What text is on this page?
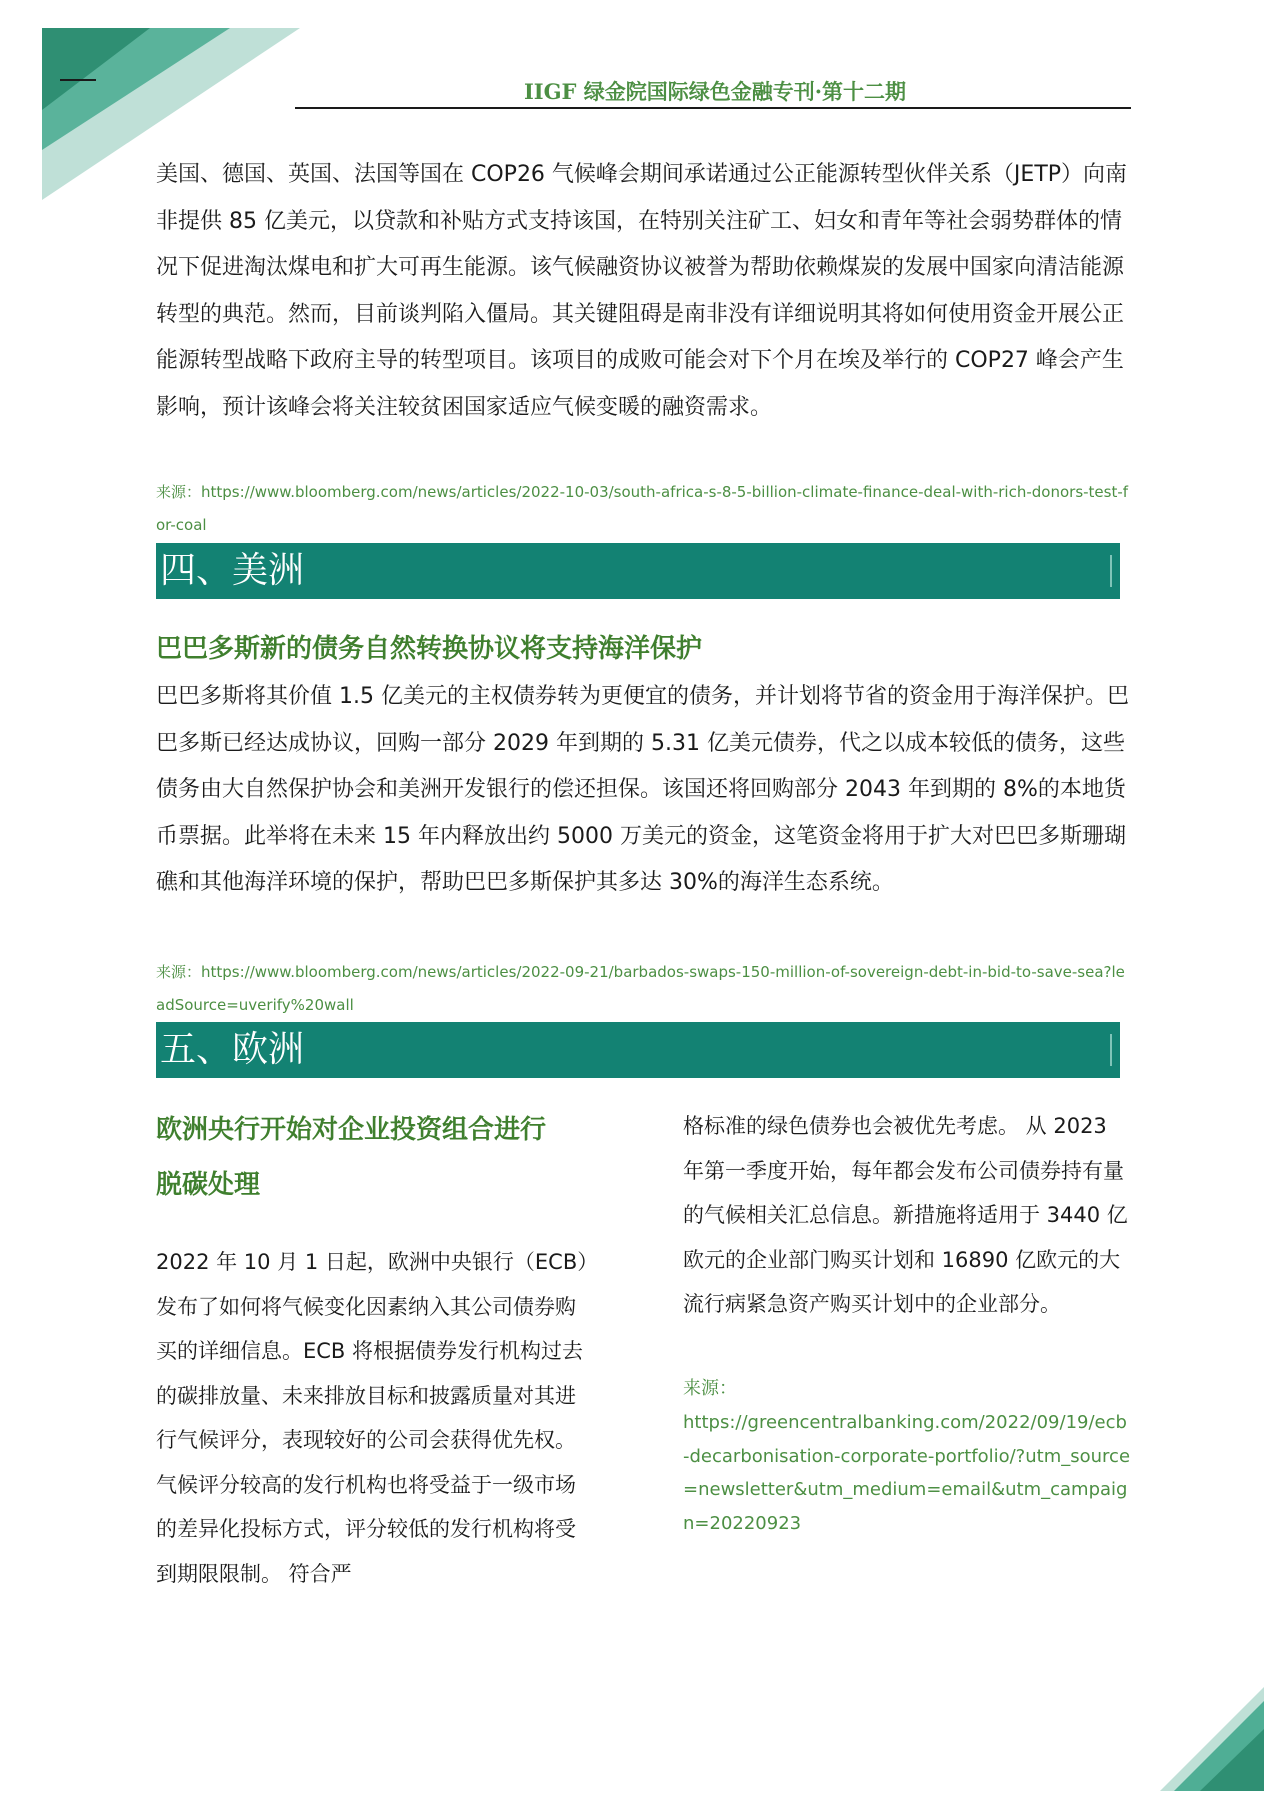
IIGF 绿金院国际绿色金融专刊·第十二期

美国、德国、英国、法国等国在 COP26 气候峰会期间承诺通过公正能源转型伙伴关系（JETP）向南非提供 85 亿美元，以贷款和补贴方式支持该国，在特别关注矿工、妇女和青年等社会弱势群体的情况下促进淘汰煤电和扩大可再生能源。该气候融资协议被誉为帮助依赖煤炭的发展中国家向清洁能源转型的典范。然而，目前谈判陷入僵局。其关键阻碍是南非没有详细说明其将如何使用资金开展公正能源转型战略下政府主导的转型项目。该项目的成败可能会对下个月在埃及举行的 COP27 峰会产生影响，预计该峰会将关注较贫困国家适应气候变暖的融资需求。

来源：https://www.bloomberg.com/news/articles/2022-10-03/south-africa-s-8-5-billion-climate-finance-deal-with-rich-donors-test-for-coal

四、美洲
巴巴多斯新的债务自然转换协议将支持海洋保护

巴巴多斯将其价值 1.5 亿美元的主权债券转为更便宜的债务，并计划将节省的资金用于海洋保护。巴巴多斯已经达成协议，回购一部分 2029 年到期的 5.31 亿美元债券，代之以成本较低的债务，这些债务由大自然保护协会和美洲开发银行的偿还担保。该国还将回购部分 2043 年到期的 8%的本地货币票据。此举将在未来 15 年内释放出约 5000 万美元的资金，这笔资金将用于扩大对巴巴多斯珊瑚礁和其他海洋环境的保护，帮助巴巴多斯保护其多达 30%的海洋生态系统。

来源：https://www.bloomberg.com/news/articles/2022-09-21/barbados-swaps-150-million-of-sovereign-debt-in-bid-to-save-sea?leadSource=uverify%20wall

五、欧洲
欧洲央行开始对企业投资组合进行
脱碳处理

2022 年 10 月 1 日起，欧洲中央银行（ECB）发布了如何将气候变化因素纳入其公司债券购买的详细信息。ECB 将根据债券发行机构过去的碳排放量、未来排放目标和披露质量对其进行气候评分，表现较好的公司会获得优先权。 气候评分较高的发行机构也将受益于一级市场的差异化投标方式，评分较低的发行机构将受到期限限制。 符合严

格标准的绿色债券也会被优先考虑。 从 2023 年第一季度开始，每年都会发布公司债券持有量的气候相关汇总信息。新措施将适用于 3440 亿欧元的企业部门购买计划和 16890 亿欧元的大流行病紧急资产购买计划中的企业部分。

来源：

https://greencentralbanking.com/2022/09/19/ecb-decarbonisation-corporate-portfolio/?utm_source=newsletter&utm_medium=email&utm_campaign=20220923
